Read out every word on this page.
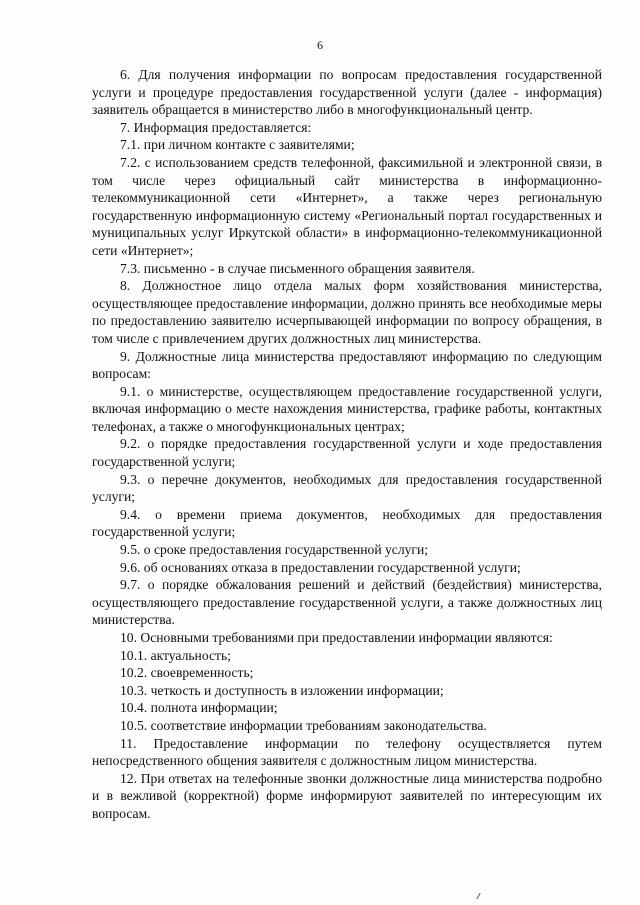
6

6. Для получения информации по вопросам предоставления государственной услуги и процедуре предоставления государственной услуги (далее - информация) заявитель обращается в министерство либо в многофункциональный центр.

7. Информация предоставляется:

7.1. при личном контакте с заявителями;

7.2. с использованием средств телефонной, факсимильной и электронной связи, в том числе через официальный сайт министерства в информационно-телекоммуникационной сети «Интернет», а также через региональную государственную информационную систему «Региональный портал государственных и муниципальных услуг Иркутской области» в информационно-телекоммуникационной сети «Интернет»;

7.3. письменно - в случае письменного обращения заявителя.

8. Должностное лицо отдела малых форм хозяйствования министерства, осуществляющее предоставление информации, должно принять все необходимые меры по предоставлению заявителю исчерпывающей информации по вопросу обращения, в том числе с привлечением других должностных лиц министерства.

9. Должностные лица министерства предоставляют информацию по следующим вопросам:

9.1. о министерстве, осуществляющем предоставление государственной услуги, включая информацию о месте нахождения министерства, графике работы, контактных телефонах, а также о многофункциональных центрах;

9.2. о порядке предоставления государственной услуги и ходе предоставления государственной услуги;

9.3. о перечне документов, необходимых для предоставления государственной услуги;

9.4. о времени приема документов, необходимых для предоставления государственной услуги;

9.5. о сроке предоставления государственной услуги;

9.6. об основаниях отказа в предоставлении государственной услуги;

9.7. о порядке обжалования решений и действий (бездействия) министерства, осуществляющего предоставление государственной услуги, а также должностных лиц министерства.

10. Основными требованиями при предоставлении информации являются:

10.1. актуальность;

10.2. своевременность;

10.3. четкость и доступность в изложении информации;

10.4. полнота информации;

10.5. соответствие информации требованиям законодательства.

11. Предоставление информации по телефону осуществляется путем непосредственного общения заявителя с должностным лицом министерства.

12. При ответах на телефонные звонки должностные лица министерства подробно и в вежливой (корректной) форме информируют заявителей по интересующим их вопросам.
